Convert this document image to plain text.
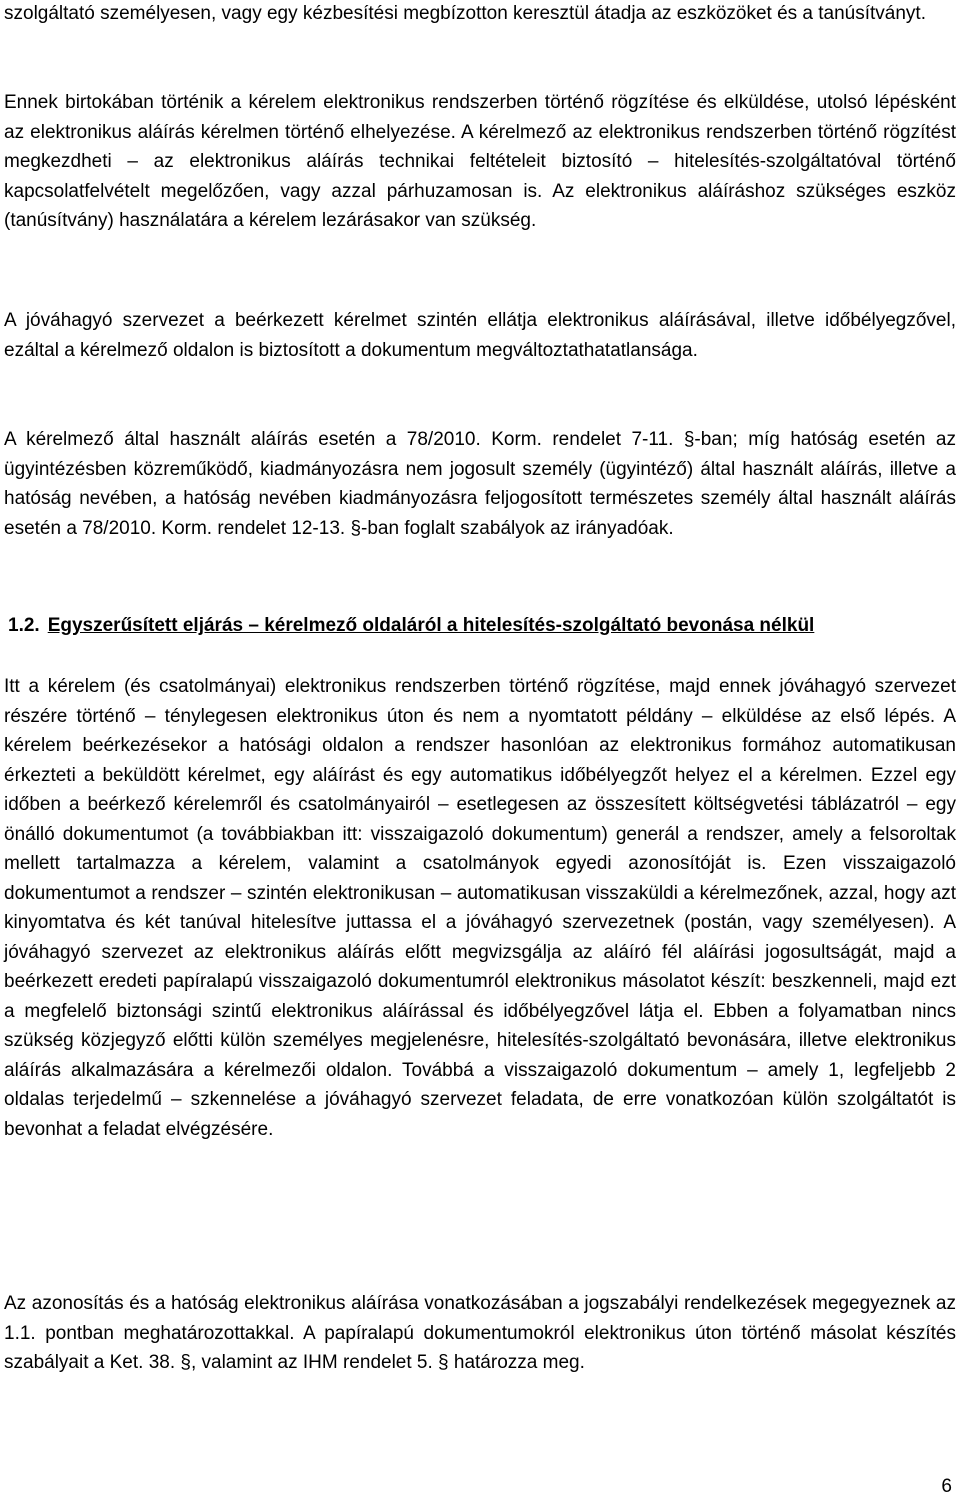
szolgáltató személyesen, vagy egy kézbesítési megbízotton keresztül átadja az eszközöket és a tanúsítványt.

Ennek birtokában történik a kérelem elektronikus rendszerben történő rögzítése és elküldése, utolsó lépésként az elektronikus aláírás kérelmen történő elhelyezése. A kérelmező az elektronikus rendszerben történő rögzítést megkezdheti – az elektronikus aláírás technikai feltételeit biztosító – hitelesítés-szolgáltatóval történő kapcsolatfelvételt megelőzően, vagy azzal párhuzamosan is. Az elektronikus aláíráshoz szükséges eszköz (tanúsítvány) használatára a kérelem lezárásakor van szükség.

A jóváhagyó szervezet a beérkezett kérelmet szintén ellátja elektronikus aláírásával, illetve időbélyegzővel, ezáltal a kérelmező oldalon is biztosított a dokumentum megváltoztathatatlansága.

A kérelmező által használt aláírás esetén a 78/2010. Korm. rendelet 7-11. §-ban; míg hatóság esetén az ügyintézésben közreműködő, kiadmányozásra nem jogosult személy (ügyintéző) által használt aláírás, illetve a hatóság nevében, a hatóság nevében kiadmányozásra feljogosított természetes személy által használt aláírás esetén a 78/2010. Korm. rendelet 12-13. §-ban foglalt szabályok az irányadóak.

1.2. Egyszerűsített eljárás – kérelmező oldaláról a hitelesítés-szolgáltató bevonása nélkül

Itt a kérelem (és csatolmányai) elektronikus rendszerben történő rögzítése, majd ennek jóváhagyó szervezet részére történő – ténylegesen elektronikus úton és nem a nyomtatott példány – elküldése az első lépés. A kérelem beérkezésekor a hatósági oldalon a rendszer hasonlóan az elektronikus formához automatikusan érkezteti a beküldött kérelmet, egy aláírást és egy automatikus időbélyegzőt helyez el a kérelmen. Ezzel egy időben a beérkező kérelemről és csatolmányairól – esetlegesen az összesített költségvetési táblázatról – egy önálló dokumentumot (a továbbiakban itt: visszaigazoló dokumentum) generál a rendszer, amely a felsoroltak mellett tartalmazza a kérelem, valamint a csatolmányok egyedi azonosítóját is. Ezen visszaigazoló dokumentumot a rendszer – szintén elektronikusan – automatikusan visszaküldi a kérelmezőnek, azzal, hogy azt kinyomtatva és két tanúval hitelesítve juttassa el a jóváhagyó szervezetnek (postán, vagy személyesen). A jóváhagyó szervezet az elektronikus aláírás előtt megvizsgálja az aláíró fél aláírási jogosultságát, majd a beérkezett eredeti papíralapú visszaigazoló dokumentumról elektronikus másolatot készít: beszkenneli, majd ezt a megfelelő biztonsági szintű elektronikus aláírással és időbélyegzővel látja el. Ebben a folyamatban nincs szükség közjegyző előtti külön személyes megjelenésre, hitelesítés-szolgáltató bevonására, illetve elektronikus aláírás alkalmazására a kérelmezői oldalon. Továbbá a visszaigazoló dokumentum – amely 1, legfeljebb 2 oldalas terjedelmű – szkennelése a jóváhagyó szervezet feladata, de erre vonatkozóan külön szolgáltatót is bevonhat a feladat elvégzésére.

Az azonosítás és a hatóság elektronikus aláírása vonatkozásában a jogszabályi rendelkezések megegyeznek az 1.1. pontban meghatározottakkal. A papíralapú dokumentumokról elektronikus úton történő másolat készítés szabályait a Ket. 38. §, valamint az IHM rendelet 5. § határozza meg.

6
